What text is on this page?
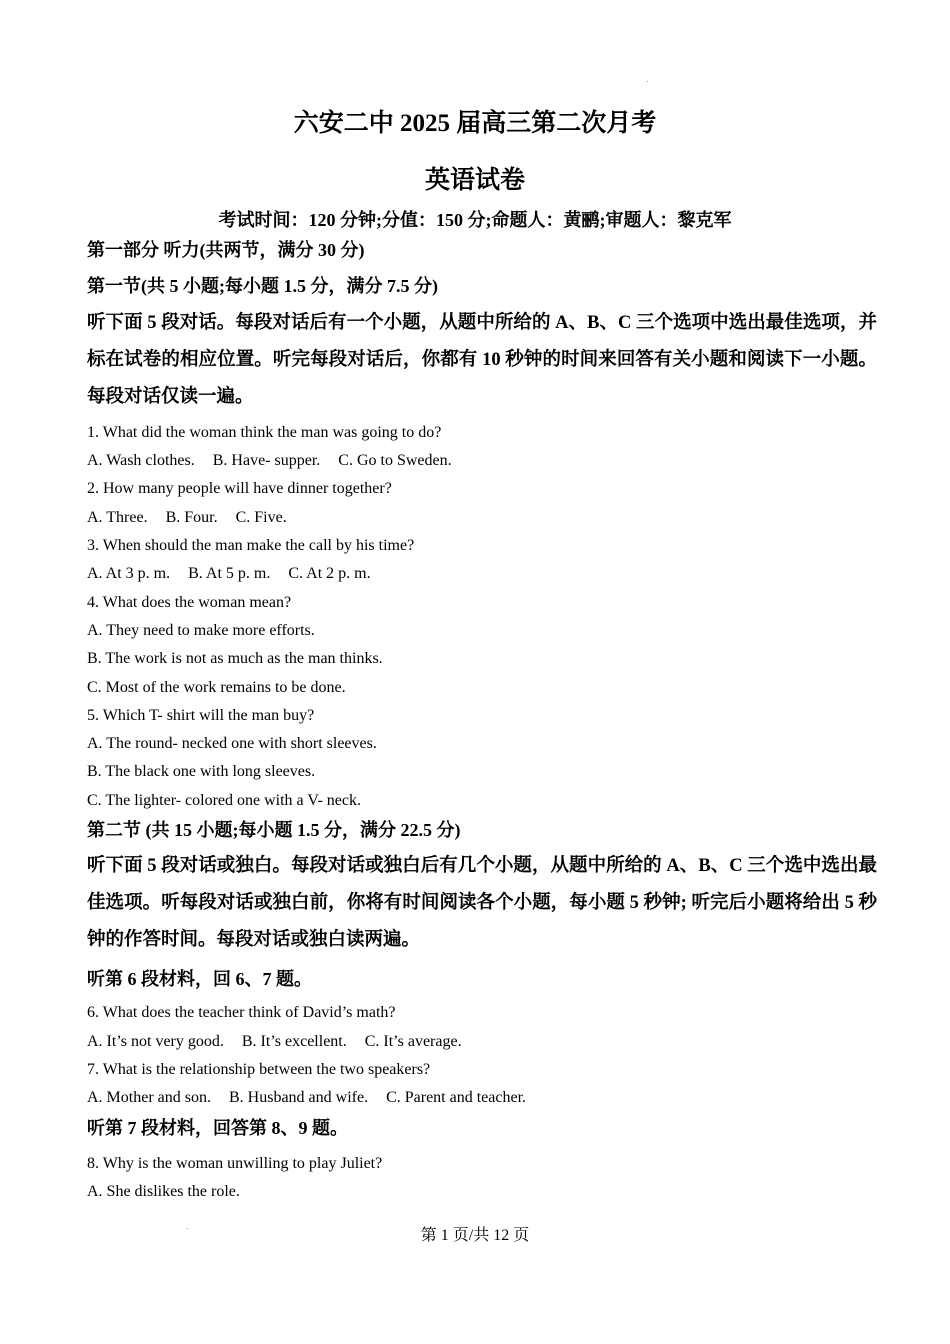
六安二中 2025 届高三第二次月考
英语试卷
考试时间：120 分钟;分值：150 分;命题人：黄鹂;审题人：黎克军
第一部分 听力(共两节，满分 30 分)
第一节(共 5 小题;每小题 1.5 分，满分 7.5 分)
听下面 5 段对话。每段对话后有一个小题，从题中所给的 A、B、C 三个选项中选出最佳选项，并标在试卷的相应位置。听完每段对话后，你都有 10 秒钟的时间来回答有关小题和阅读下一小题。每段对话仅读一遍。
1. What did the woman think the man was going to do?
A. Wash clothes. B. Have- supper. C. Go to Sweden.
2. How many people will have dinner together?
A. Three. B. Four. C. Five.
3. When should the man make the call by his time?
A. At 3 p. m. B. At 5 p. m. C. At 2 p. m.
4. What does the woman mean?
A. They need to make more efforts.
B. The work is not as much as the man thinks.
C. Most of the work remains to be done.
5. Which T- shirt will the man buy?
A. The round- necked one with short sleeves.
B. The black one with long sleeves.
C. The lighter- colored one with a V- neck.
第二节 (共 15 小题;每小题 1.5 分，满分 22.5 分)
听下面 5 段对话或独白。每段对话或独白后有几个小题，从题中所给的 A、B、C 三个选中选出最佳选项。听每段对话或独白前，你将有时间阅读各个小题，每小题 5 秒钟; 听完后小题将给出 5 秒钟的作答时间。每段对话或独白读两遍。
听第 6 段材料，回 6、7 题。
6. What does the teacher think of David’s math?
A. It’s not very good. B. It’s excellent. C. It’s average.
7. What is the relationship between the two speakers?
A. Mother and son. B. Husband and wife. C. Parent and teacher.
听第 7 段材料，回答第 8、9 题。
8. Why is the woman unwilling to play Juliet?
A. She dislikes the role.
第 1 页/共 12 页
